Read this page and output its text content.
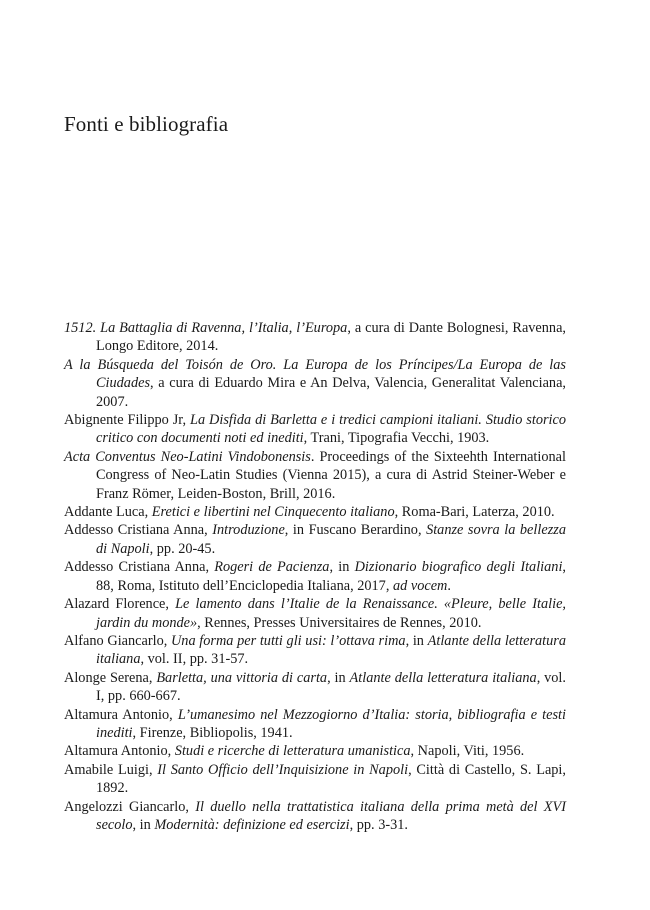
Fonti e bibliografia
1512. La Battaglia di Ravenna, l’Italia, l’Europa, a cura di Dante Bolognesi, Ravenna, Longo Editore, 2014.
A la Búsqueda del Toisón de Oro. La Europa de los Príncipes/La Europa de las Ciudades, a cura di Eduardo Mira e An Delva, Valencia, Generalitat Valenciana, 2007.
Abignente Filippo Jr, La Disfida di Barletta e i tredici campioni italiani. Studio storico critico con documenti noti ed inediti, Trani, Tipografia Vecchi, 1903.
Acta Conventus Neo-Latini Vindobonensis. Proceedings of the Sixteehth International Congress of Neo-Latin Studies (Vienna 2015), a cura di Astrid Steiner-Weber e Franz Römer, Leiden-Boston, Brill, 2016.
Addante Luca, Eretici e libertini nel Cinquecento italiano, Roma-Bari, Laterza, 2010.
Addesso Cristiana Anna, Introduzione, in Fuscano Berardino, Stanze sovra la bellezza di Napoli, pp. 20-45.
Addesso Cristiana Anna, Rogeri de Pacienza, in Dizionario biografico degli Italiani, 88, Roma, Istituto dell’Enciclopedia Italiana, 2017, ad vocem.
Alazard Florence, Le lamento dans l’Italie de la Renaissance. «Pleure, belle Italie, jardin du monde», Rennes, Presses Universitaires de Rennes, 2010.
Alfano Giancarlo, Una forma per tutti gli usi: l’ottava rima, in Atlante della letteratura italiana, vol. II, pp. 31-57.
Alonge Serena, Barletta, una vittoria di carta, in Atlante della letteratura italiana, vol. I, pp. 660-667.
Altamura Antonio, L’umanesimo nel Mezzogiorno d’Italia: storia, bibliografia e testi inediti, Firenze, Bibliopolis, 1941.
Altamura Antonio, Studi e ricerche di letteratura umanistica, Napoli, Viti, 1956.
Amabile Luigi, Il Santo Officio dell’Inquisizione in Napoli, Città di Castello, S. Lapi, 1892.
Angelozzi Giancarlo, Il duello nella trattatistica italiana della prima metà del XVI secolo, in Modernità: definizione ed esercizi, pp. 3-31.
